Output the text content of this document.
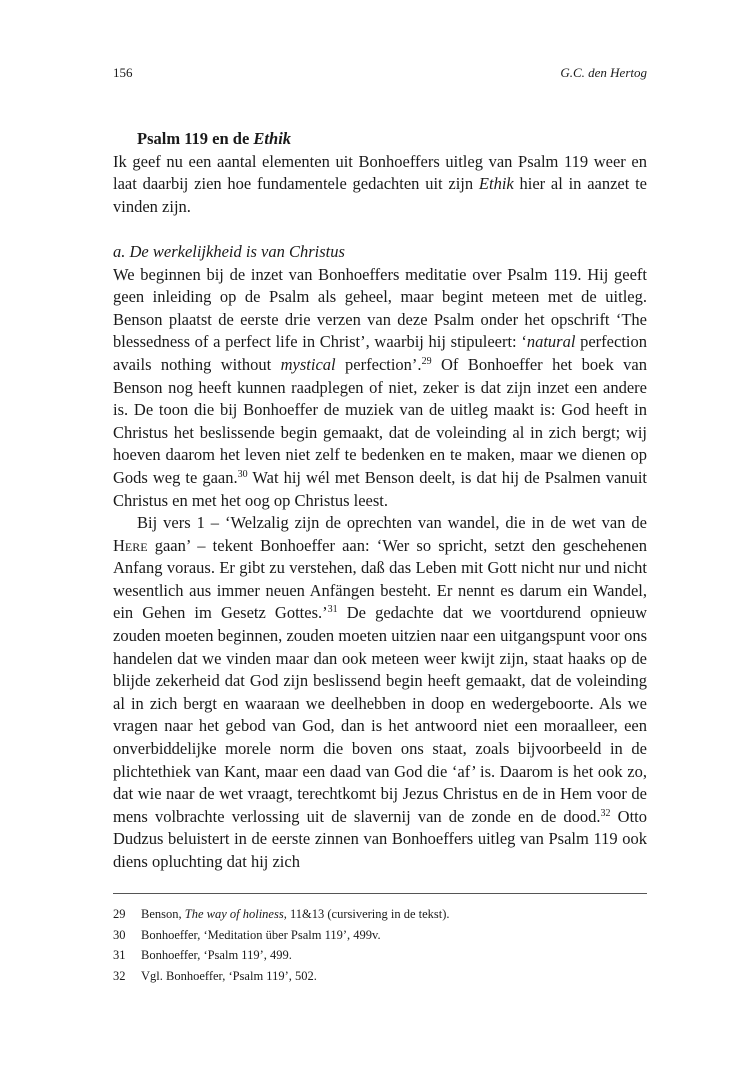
156	G.C. den Hertog

Psalm 119 en de Ethik

Ik geef nu een aantal elementen uit Bonhoeffers uitleg van Psalm 119 weer en laat daarbij zien hoe fundamentele gedachten uit zijn Ethik hier al in aanzet te vinden zijn.

a. De werkelijkheid is van Christus

We beginnen bij de inzet van Bonhoeffers meditatie over Psalm 119. Hij geeft geen inleiding op de Psalm als geheel, maar begint meteen met de uitleg. Benson plaatst de eerste drie verzen van deze Psalm onder het opschrift ‘The blessedness of a perfect life in Christ’, waarbij hij stipuleert: ‘natural perfection avails nothing without mystical perfection’.$^{29}$ Of Bonhoeffer het boek van Benson nog heeft kunnen raadplegen of niet, zeker is dat zijn inzet een andere is. De toon die bij Bonhoeffer de muziek van de uitleg maakt is: God heeft in Christus het beslissende begin gemaakt, dat de voleinding al in zich bergt; wij hoeven daarom het leven niet zelf te bedenken en te maken, maar we dienen op Gods weg te gaan.$^{30}$ Wat hij wél met Benson deelt, is dat hij de Psalmen vanuit Christus en met het oog op Christus leest.

Bij vers 1 – ‘Welzalig zijn de oprechten van wandel, die in de wet van de Here gaan’ – tekent Bonhoeffer aan: ‘Wer so spricht, setzt den geschehenen Anfang voraus. Er gibt zu verstehen, daß das Leben mit Gott nicht nur und nicht wesentlich aus immer neuen Anfängen besteht. Er nennt es darum ein Wandel, ein Gehen im Gesetz Gottes.’$^{31}$ De gedachte dat we voortdurend opnieuw zouden moeten beginnen, zouden moeten uitzien naar een uitgangspunt voor ons handelen dat we vinden maar dan ook meteen weer kwijt zijn, staat haaks op de blijde zekerheid dat God zijn beslissend begin heeft gemaakt, dat de voleinding al in zich bergt en waaraan we deelhebben in doop en wedergeboorte. Als we vragen naar het gebod van God, dan is het antwoord niet een moraalleer, een onverbiddelijke morele norm die boven ons staat, zoals bijvoorbeeld in de plichtethiek van Kant, maar een daad van God die ‘af’ is. Daarom is het ook zo, dat wie naar de wet vraagt, terechtkomt bij Jezus Christus en de in Hem voor de mens volbrachte verlossing uit de slavernij van de zonde en de dood.$^{32}$ Otto Dudzus beluistert in de eerste zinnen van Bonhoeffers uitleg van Psalm 119 ook diens opluchting dat hij zich

29	Benson, The way of holiness, 11&13 (cursivering in de tekst).
30	Bonhoeffer, ‘Meditation über Psalm 119’, 499v.
31	Bonhoeffer, ‘Psalm 119’, 499.
32	Vgl. Bonhoeffer, ‘Psalm 119’, 502.
